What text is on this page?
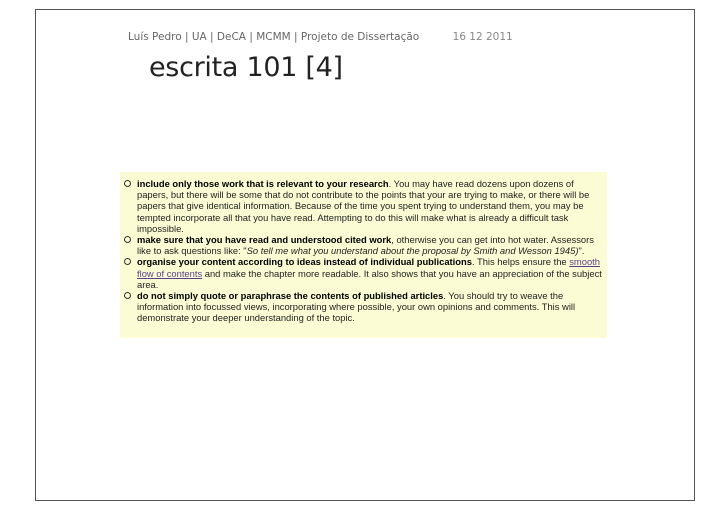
Luís Pedro | UA | DeCA | MCMM | Projeto de Dissertação	16 12 2011
escrita 101 [4]
include only those work that is relevant to your research. You may have read dozens upon dozens of papers, but there will be some that do not contribute to the points that your are trying to make, or there will be papers that give identical information. Because of the time you spent trying to understand them, you may be tempted incorporate all that you have read. Attempting to do this will make what is already a difficult task impossible.
make sure that you have read and understood cited work, otherwise you can get into hot water. Assessors like to ask questions like: "So tell me what you understand about the proposal by Smith and Wesson 1945)".
organise your content according to ideas instead of individual publications. This helps ensure the smooth flow of contents and make the chapter more readable. It also shows that you have an appreciation of the subject area.
do not simply quote or paraphrase the contents of published articles. You should try to weave the information into focussed views, incorporating where possible, your own opinions and comments. This will demonstrate your deeper understanding of the topic.
